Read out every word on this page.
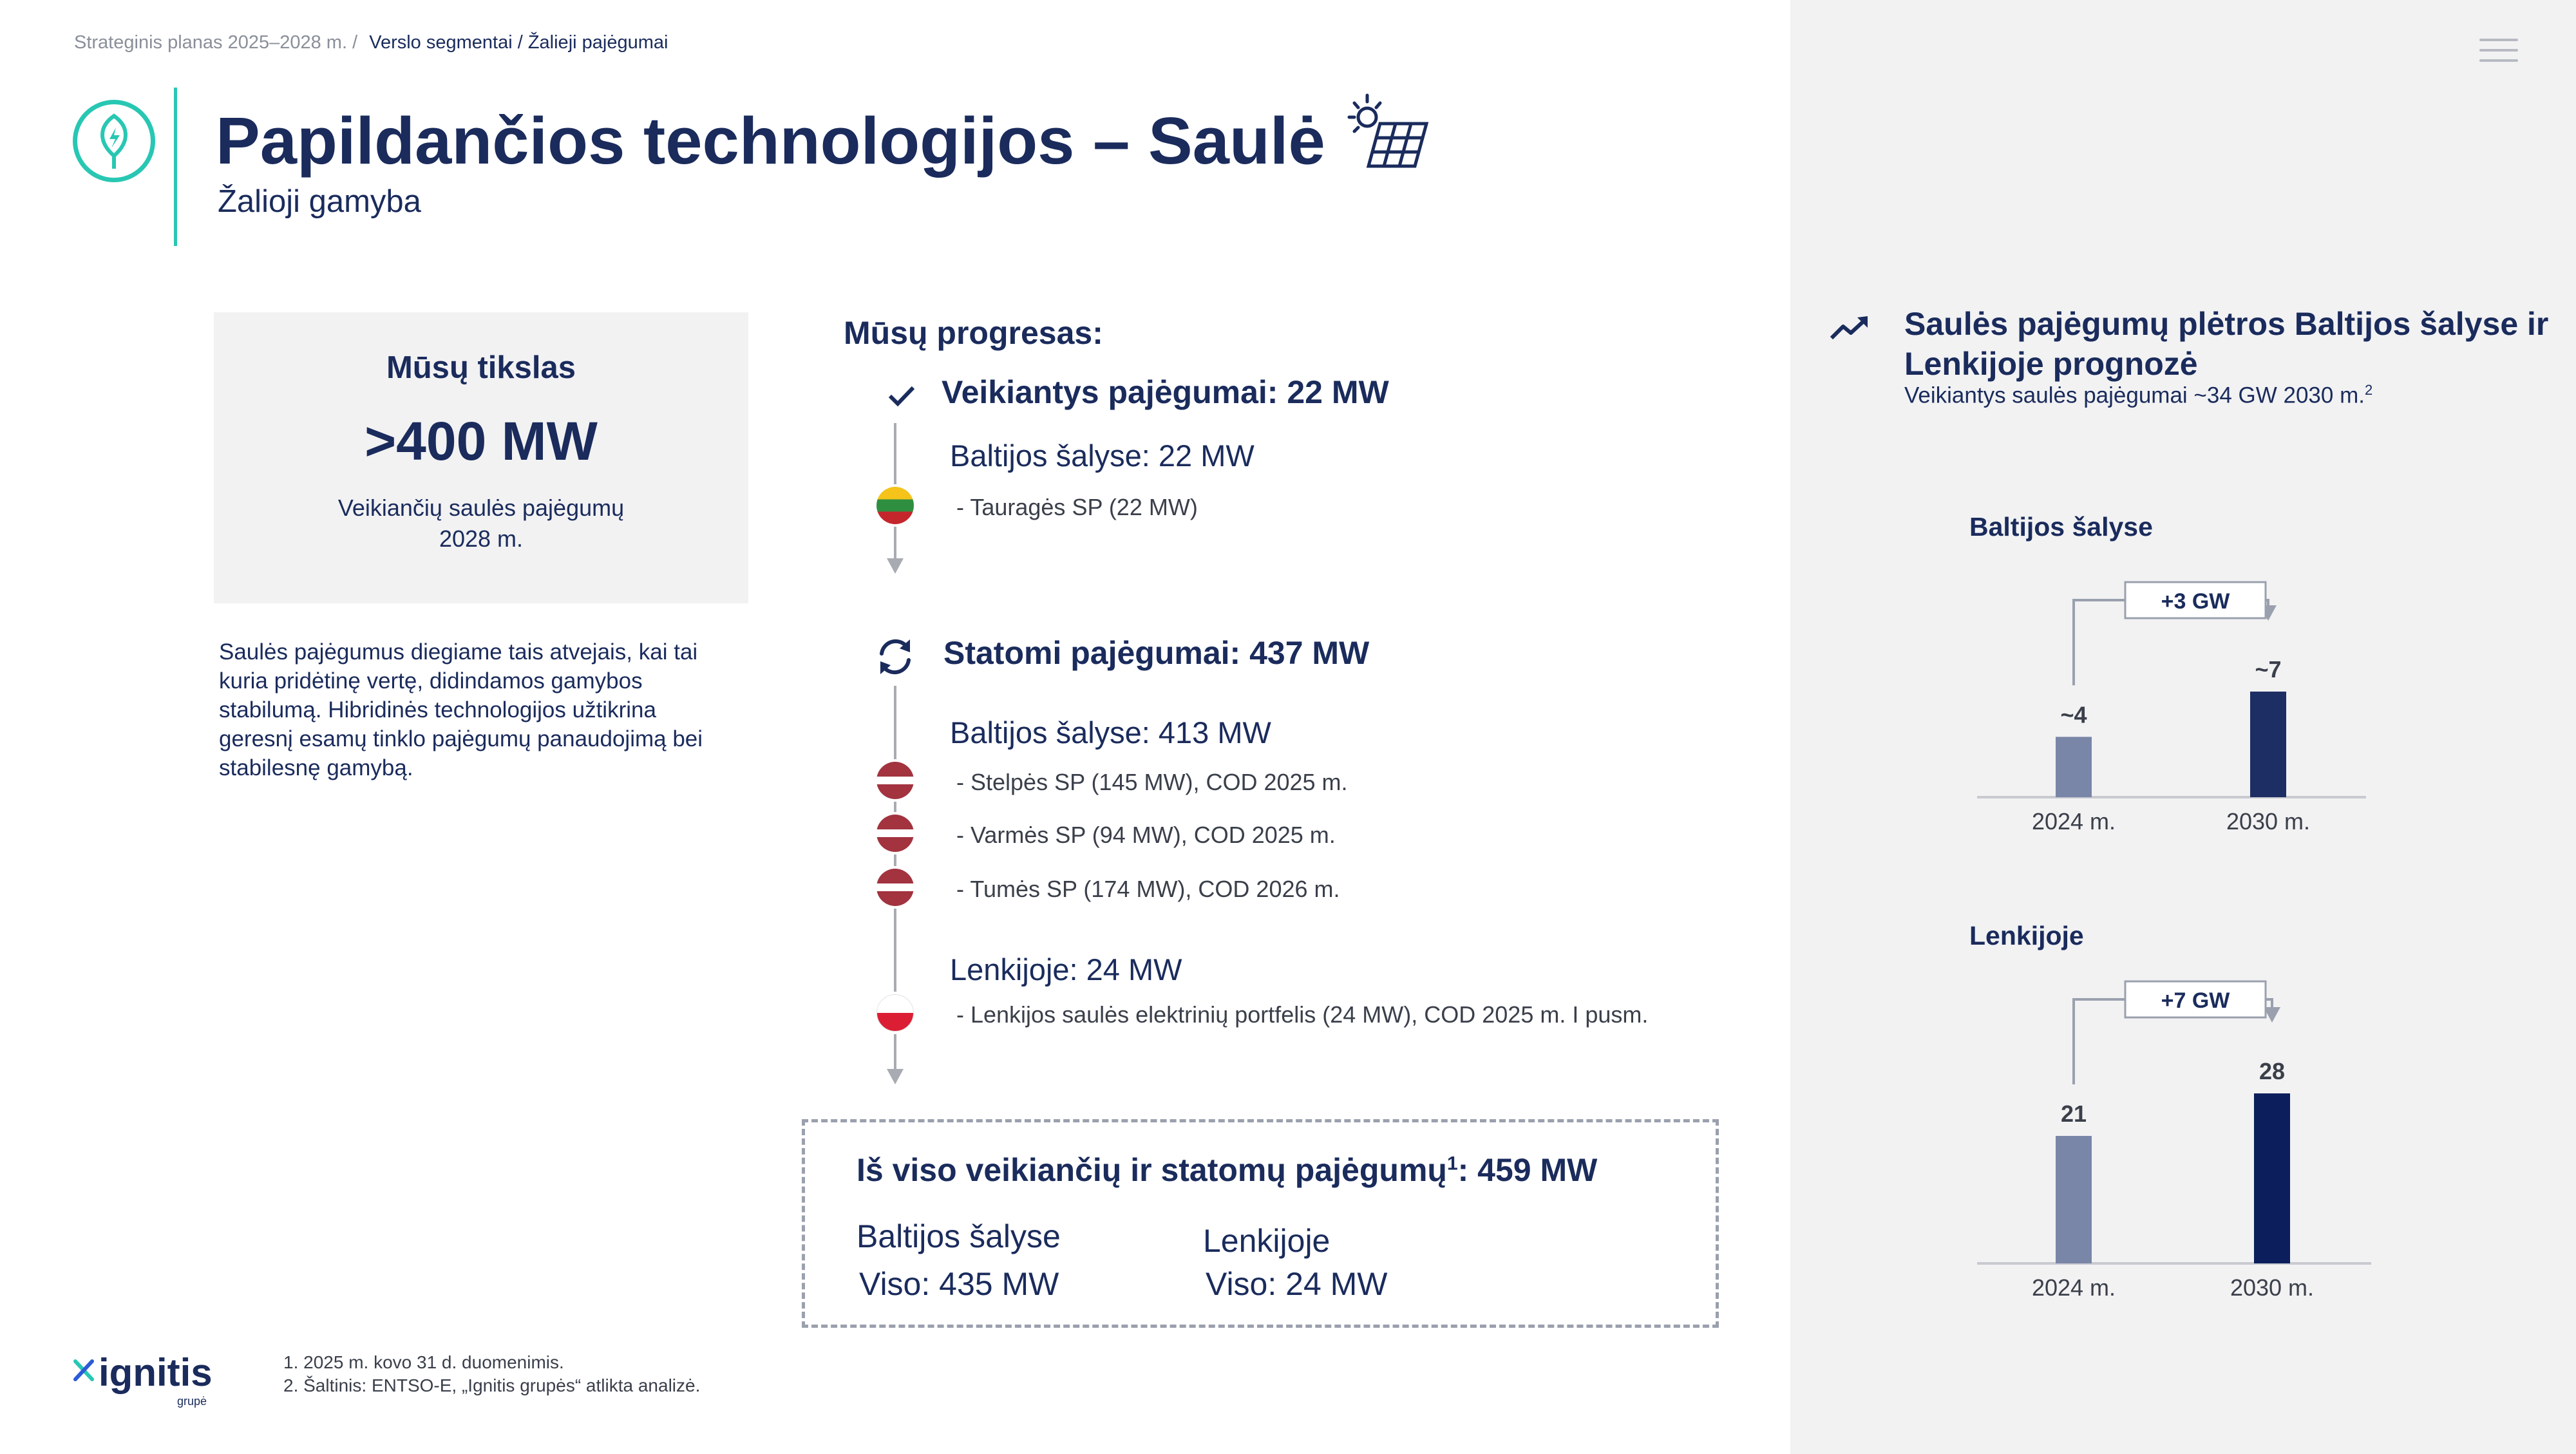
Strateginis planas 2025–2028 m. / Verslo segmentai / Žalieji pajėgumai
Papildančios technologijos – Saulė
Žalioji gamyba
Mūsų tikslas
>400 MW
Veikiančių saulės pajėgumų
2028 m.

Saulės pajėgumus diegiame tais atvejais, kai tai kuria pridėtinę vertę, didindamos gamybos stabilumą. Hibridinės technologijos užtikrina geresnį esamų tinklo pajėgumų panaudojimą bei stabilesnę gamybą.

Mūsų progresas:
Veikiantys pajėgumai: 22 MW
Baltijos šalyse: 22 MW
- Tauragės SP (22 MW)
Statomi pajėgumai: 437 MW
Baltijos šalyse: 413 MW
- Stelpės SP (145 MW), COD 2025 m.
- Varmės SP (94 MW), COD 2025 m.
- Tumės SP (174 MW), COD 2026 m.
Lenkijoje: 24 MW
- Lenkijos saulės elektrinių portfelis (24 MW), COD 2025 m. I pusm.
Iš viso veikiančių ir statomų pajėgumų$^1$: 459 MW
Baltijos šalyse
Viso: 435 MW
Lenkijoje
Viso: 24 MW
ignitis
grupė
1. 2025 m. kovo 31 d. duomenimis.
2. Šaltinis: ENTSO-E, „Ignitis grupės“ atlikta analizė.
Saulės pajėgumų plėtros Baltijos šalyse ir Lenkijoje prognozė
Veikiantys saulės pajėgumai ~34 GW 2030 m.$^2$
Baltijos šalyse
~4
2024 m.
~7
2030 m.
+3 GW
Lenkijoje
21
2024 m.
28
2030 m.
+7 GW
